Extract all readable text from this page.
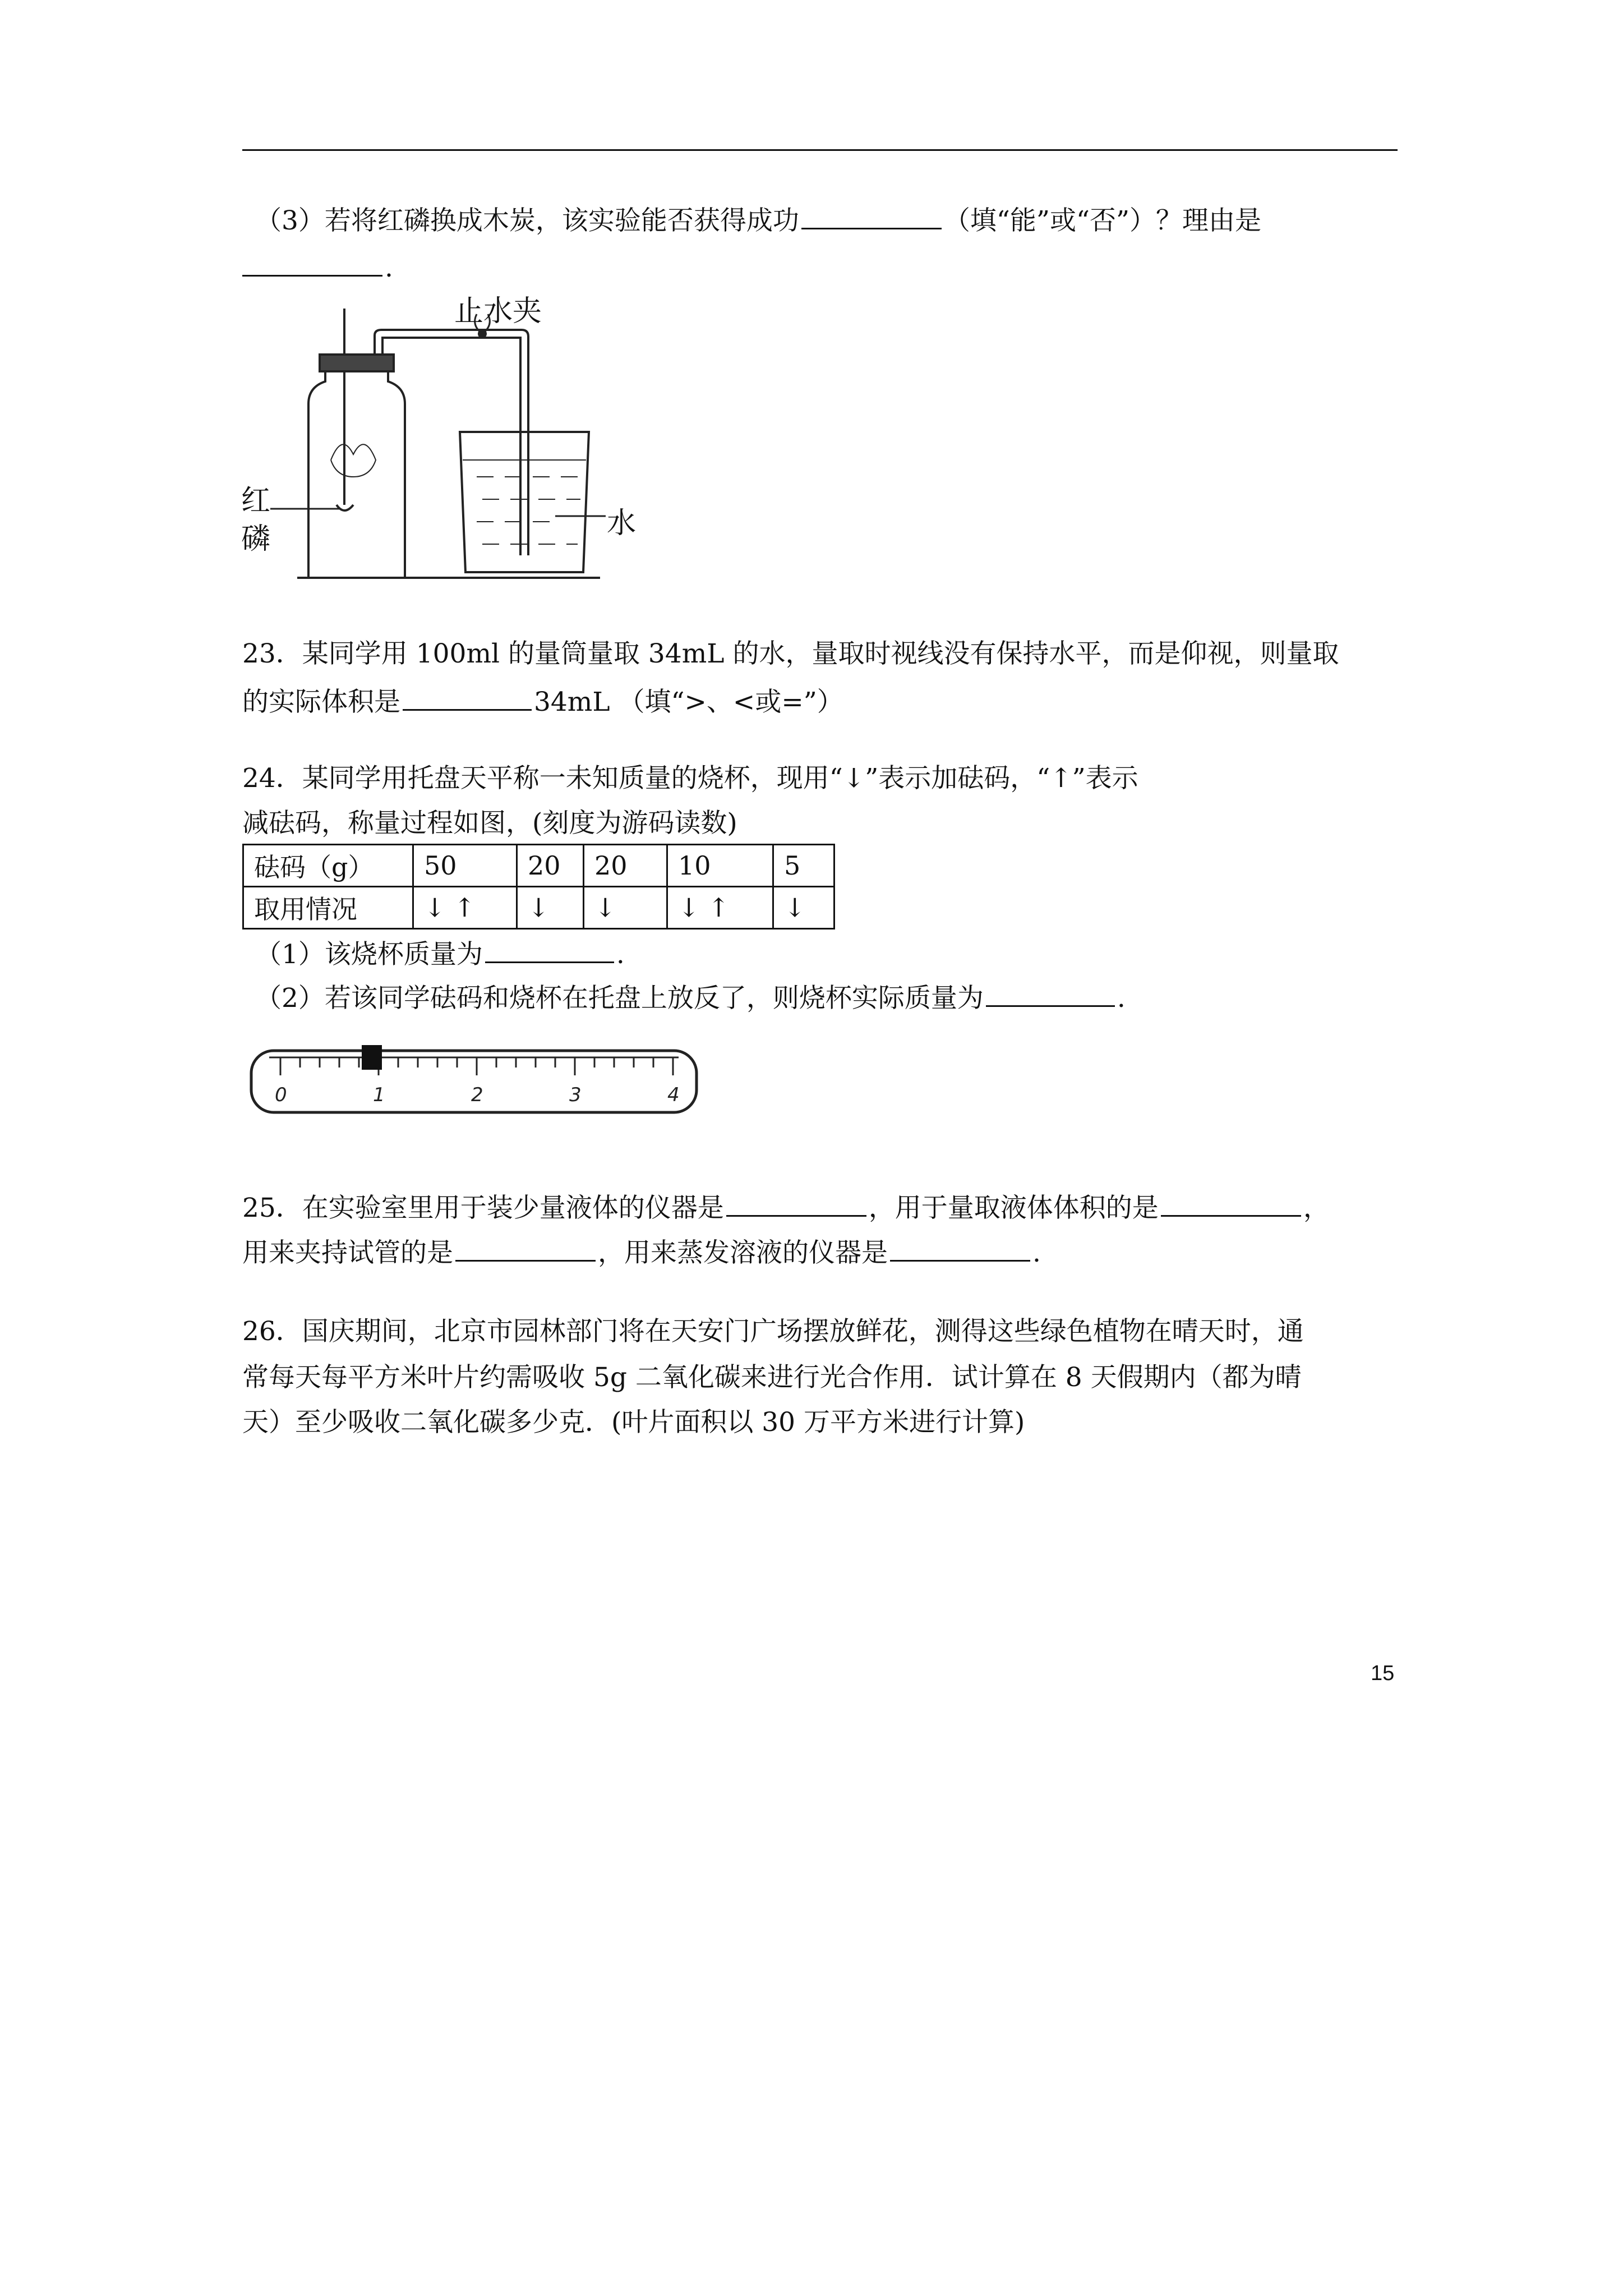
（3）若将红磷换成木炭，该实验能否获得成功	（填“能”或“否”）？理由是
.
止水夹
红
磷	水
23．某同学用 100ml 的量筒量取 34mL 的水，量取时视线没有保持水平，而是仰视，则量取
的实际体积是	34mL （填“>、<或=”）
24．某同学用托盘天平称一未知质量的烧杯，现用“↓”表示加砝码，“↑”表示
减砝码，称量过程如图，(刻度为游码读数)
砝码（g）	50	20	20	10	5
取用情况	↓ ↑	↓	↓	↓ ↑	↓
（1）该烧杯质量为	.
（2）若该同学砝码和烧杯在托盘上放反了，则烧杯实际质量为	.
0	1	2	3	4
25．在实验室里用于装少量液体的仪器是	，用于量取液体体积的是	，
用来夹持试管的是	，用来蒸发溶液的仪器是	.
26．国庆期间，北京市园林部门将在天安门广场摆放鲜花，测得这些绿色植物在晴天时，通
常每天每平方米叶片约需吸收 5g 二氧化碳来进行光合作用．试计算在 8 天假期内（都为晴
天）至少吸收二氧化碳多少克．(叶片面积以 30 万平方米进行计算)
15
